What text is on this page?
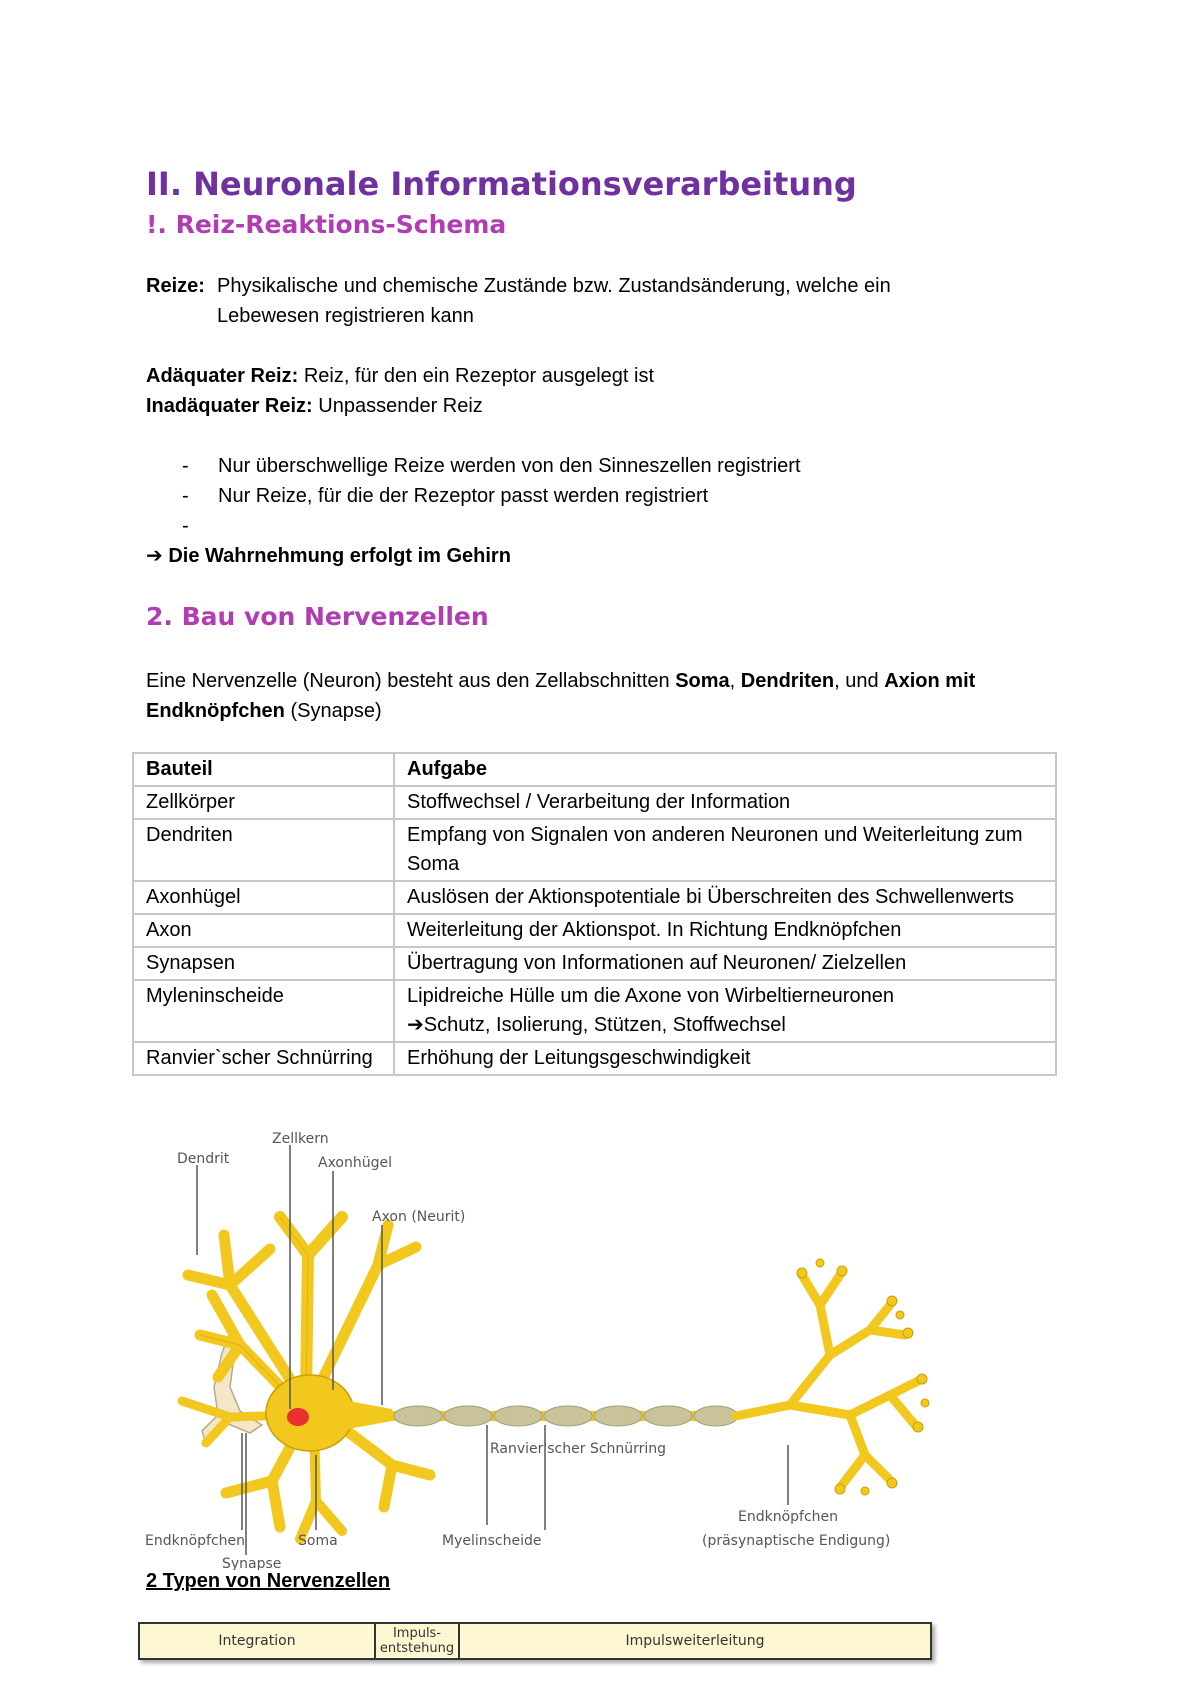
II. Neuronale Informationsverarbeitung
!. Reiz-Reaktions-Schema
Reize: Physikalische und chemische Zustände bzw. Zustandsänderung, welche ein Lebewesen registrieren kann
Adäquater Reiz: Reiz, für den ein Rezeptor ausgelegt ist
Inadäquater Reiz: Unpassender Reiz
-	Nur überschwellige Reize werden von den Sinneszellen registriert
-	Nur Reize, für die der Rezeptor passt werden registriert
-
➔ Die Wahrnehmung erfolgt im Gehirn
2. Bau von Nervenzellen
Eine Nervenzelle (Neuron) besteht aus den Zellabschnitten Soma, Dendriten, und Axion mit Endknöpfchen (Synapse)
Bauteil	Aufgabe
Zellkörper	Stoffwechsel / Verarbeitung der Information
Dendriten	Empfang von Signalen von anderen Neuronen und Weiterleitung zum Soma
Axonhügel	Auslösen der Aktionspotentiale bi Überschreiten des Schwellenwerts
Axon	Weiterleitung der Aktionspot. In Richtung Endknöpfchen
Synapsen	Übertragung von Informationen auf Neuronen/ Zielzellen
Myleninscheide	Lipidreiche Hülle um die Axone von Wirbeltierneuronen
➔Schutz, Isolierung, Stützen, Stoffwechsel

Ranvier`scher Schnürring	Erhöhung der Leitungsgeschwindigkeit
Zellkern
Dendrit	Axonhügel
Axon (Neurit)
Ranvier'scher Schnürring
Endknöpfchen	Soma	Myelinscheide
Endknöpfchen
(präsynaptische Endigung)
Synapse
2 Typen von Nervenzellen
Integration	Impuls- entstehung	Impulsweiterleitung
